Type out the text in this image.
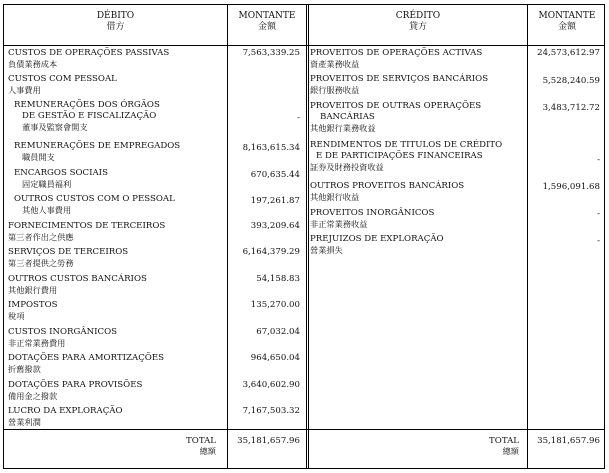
DÉBITO
借方
MONTANTE
金額
CRÉDITO
貸方
MONTANTE
金額
CUSTOS DE OPERAÇÕES PASSIVAS
負債業務成本
7,563,339.25
CUSTOS COM PESSOAL
人事費用
REMUNERAÇÕES DOS ÓRGÃOS
DE GESTÃO E FISCALIZAÇÃO
董事及監察會開支
-
REMUNERAÇÕES DE EMPREGADOS
職員開支
8,163,615.34
ENCARGOS SOCIAIS
固定職員福利
670,635.44
OUTROS CUSTOS COM O PESSOAL
其他人事費用
197,261.87
FORNECIMENTOS DE TERCEIROS
第三者作出之供應
393,209.64
SERVIÇOS DE TERCEIROS
第三者提供之勞務
6,164,379.29
OUTROS CUSTOS BANCÁRIOS
其他銀行費用
54,158.83
IMPOSTOS
稅項
135,270.00
CUSTOS INORGÂNICOS
非正常業務費用
67,032.04
DOTAÇÕES PARA AMORTIZAÇÕES
折舊撥款
964,650.04
DOTAÇÕES PARA PROVISÕES
備用金之撥款
3,640,602.90
LUCRO DA EXPLORAÇÃO
營業利潤
7,167,503.32
PROVEITOS DE OPERAÇÕES ACTIVAS
資產業務收益
24,573,612.97
PROVEITOS DE SERVIÇOS BANCÁRIOS
銀行服務收益
5,528,240.59
PROVEITOS DE OUTRAS OPERAÇÕES
BANCÁRIAS
其他銀行業務收益
3,483,712.72
RENDIMENTOS DE TITULOS DE CRÉDITO
E DE PARTICIPAÇÕES FINANCEIRAS
証券及財務投資收益
-
OUTROS PROVEITOS BANCÁRIOS
其他銀行收益
1,596,091.68
PROVEITOS INORGÂNICOS
非正常業務收益
-
PREJUIZOS DE EXPLORAÇÃO
營業損失
-
TOTAL
總額
35,181,657.96	TOTAL
總額
35,181,657.96
